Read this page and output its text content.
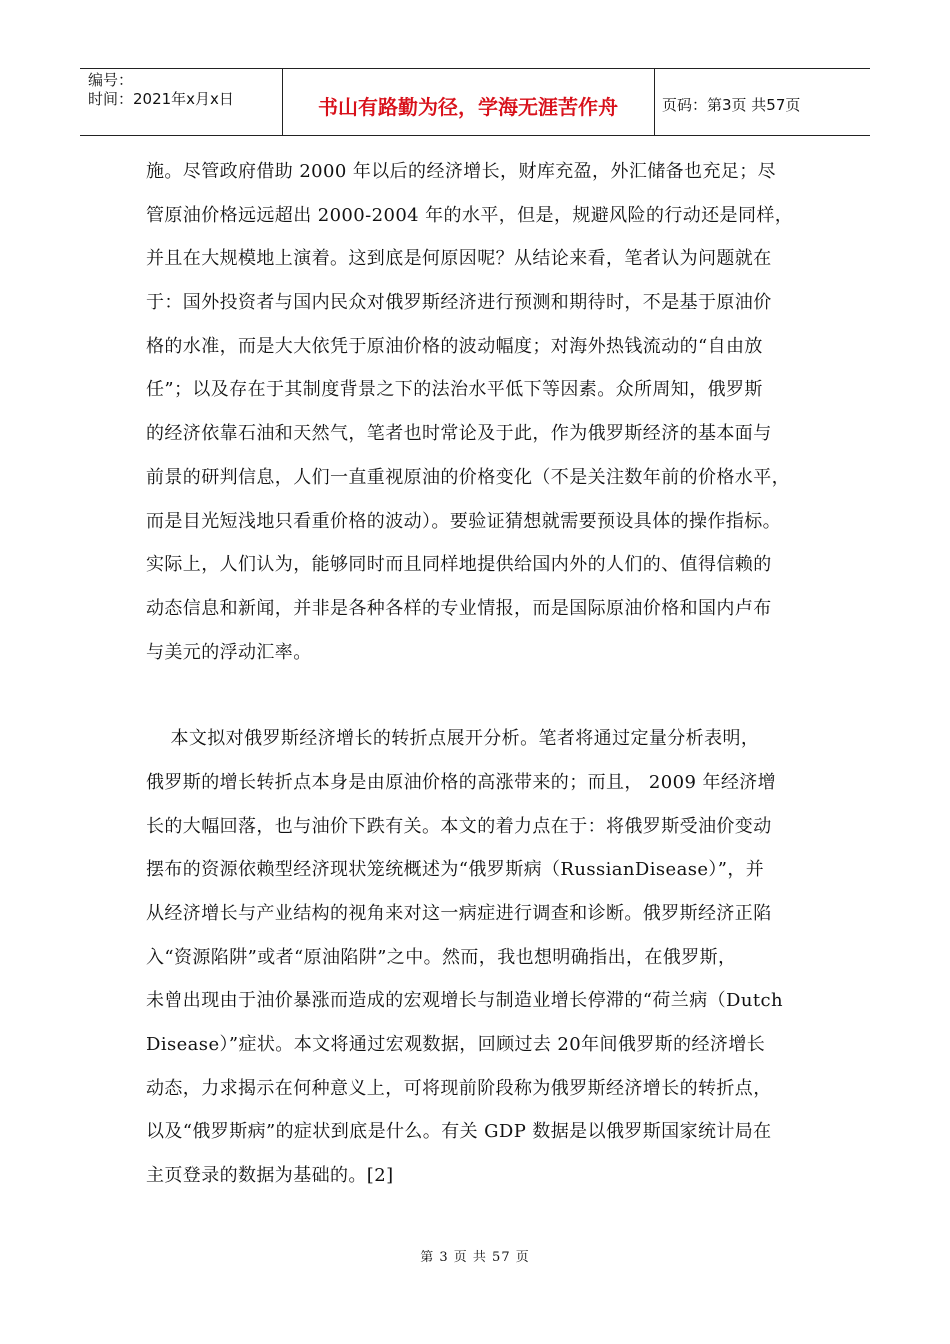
编号：
时间：2021年x月x日	书山有路勤为径，学海无涯苦作舟	页码：第3页 共57页
施。尽管政府借助 2000 年以后的经济增长，财库充盈，外汇储备也充足；尽
管原油价格远远超出 2000-2004 年的水平，但是，规避风险的行动还是同样，
并且在大规模地上演着。这到底是何原因呢？从结论来看，笔者认为问题就在
于：国外投资者与国内民众对俄罗斯经济进行预测和期待时，不是基于原油价
格的水准，而是大大依凭于原油价格的波动幅度；对海外热钱流动的“自由放
任”；以及存在于其制度背景之下的法治水平低下等因素。众所周知，俄罗斯
的经济依靠石油和天然气，笔者也时常论及于此，作为俄罗斯经济的基本面与
前景的研判信息，人们一直重视原油的价格变化（不是关注数年前的价格水平，
而是目光短浅地只看重价格的波动）。要验证猜想就需要预设具体的操作指标。
实际上，人们认为，能够同时而且同样地提供给国内外的人们的、值得信赖的
动态信息和新闻，并非是各种各样的专业情报，而是国际原油价格和国内卢布
与美元的浮动汇率。
本文拟对俄罗斯经济增长的转折点展开分析。笔者将通过定量分析表明，
俄罗斯的增长转折点本身是由原油价格的高涨带来的；而且， 2009 年经济增
长的大幅回落，也与油价下跌有关。本文的着力点在于：将俄罗斯受油价变动
摆布的资源依赖型经济现状笼统概述为“俄罗斯病（RussianDisease）”，并
从经济增长与产业结构的视角来对这一病症进行调查和诊断。俄罗斯经济正陷
入“资源陷阱”或者“原油陷阱”之中。然而，我也想明确指出，在俄罗斯，
未曾出现由于油价暴涨而造成的宏观增长与制造业增长停滞的“荷兰病（Dutch
Disease）”症状。本文将通过宏观数据，回顾过去 20年间俄罗斯的经济增长
动态，力求揭示在何种意义上，可将现前阶段称为俄罗斯经济增长的转折点，
以及“俄罗斯病”的症状到底是什么。有关 GDP 数据是以俄罗斯国家统计局在
主页登录的数据为基础的。[2]
第 3 页 共 57 页
